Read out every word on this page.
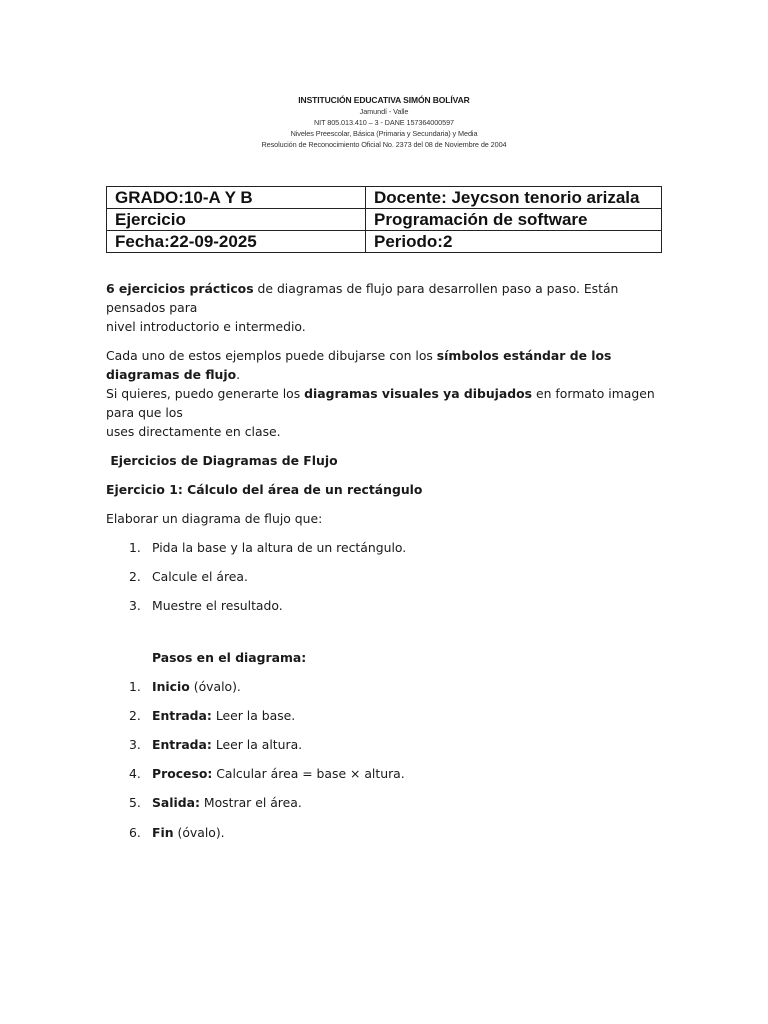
INSTITUCIÓN EDUCATIVA SIMÓN BOLÍVAR
Jamundí - Valle
NIT 805.013.410 – 3 - DANE 157364000597
Niveles Preescolar, Básica (Primaria y Secundaria) y Media
Resolución de Reconocimiento Oficial No. 2373 del 08 de Noviembre de 2004
GRADO:10-A Y B	Docente: Jeycson tenorio arizala
Ejercicio	Programación de software
Fecha:22-09-2025	Periodo:2

6 ejercicios prácticos de diagramas de flujo para desarrollen paso a paso. Están pensados para
nivel introductorio e intermedio.

Cada uno de estos ejemplos puede dibujarse con los símbolos estándar de los diagramas de flujo.
Si quieres, puedo generarte los diagramas visuales ya dibujados en formato imagen para que los
uses directamente en clase.

Ejercicios de Diagramas de Flujo

Ejercicio 1: Cálculo del área de un rectángulo

Elaborar un diagrama de flujo que:

1. Pida la base y la altura de un rectángulo.
2. Calcule el área.
3. Muestre el resultado.

Pasos en el diagrama:

1. Inicio (óvalo).
2. Entrada: Leer la base.
3. Entrada: Leer la altura.
4. Proceso: Calcular área = base × altura.
5. Salida: Mostrar el área.
6. Fin (óvalo).
